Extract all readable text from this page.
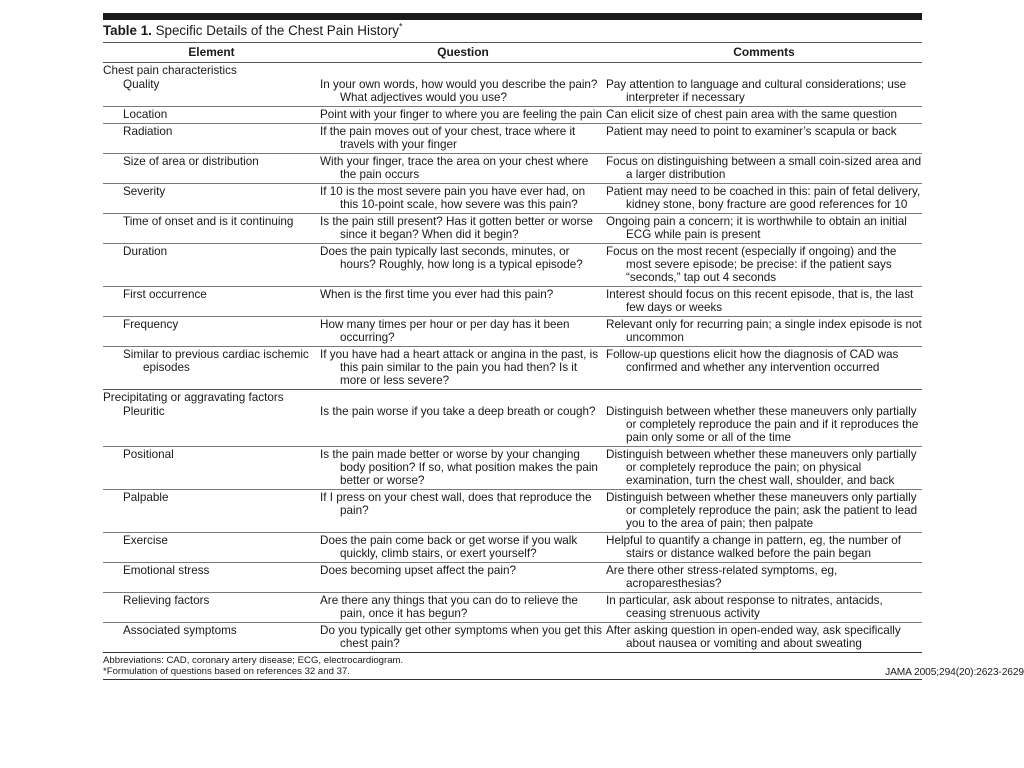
Table 1. Specific Details of the Chest Pain History*
Element	Question	Comments
Chest pain characteristics		

Quality	In your own words, how would you describe the pain? What adjectives would you use?	Pay attention to language and cultural considerations; use interpreter if necessary

Location	Point with your finger to where you are feeling the pain	Can elicit size of chest pain area with the same question

Radiation	If the pain moves out of your chest, trace where it travels with your finger	Patient may need to point to examiner’s scapula or back

Size of area or distribution	With your finger, trace the area on your chest where the pain occurs	Focus on distinguishing between a small coin-sized area and a larger distribution

Severity	If 10 is the most severe pain you have ever had, on this 10-point scale, how severe was this pain?	Patient may need to be coached in this: pain of fetal delivery, kidney stone, bony fracture are good references for 10

Time of onset and is it continuing	Is the pain still present? Has it gotten better or worse since it began? When did it begin?	Ongoing pain a concern; it is worthwhile to obtain an initial ECG while pain is present

Duration	Does the pain typically last seconds, minutes, or hours? Roughly, how long is a typical episode?	Focus on the most recent (especially if ongoing) and the most severe episode; be precise: if the patient says “seconds,” tap out 4 seconds

First occurrence	When is the first time you ever had this pain?	Interest should focus on this recent episode, that is, the last few days or weeks

Frequency	How many times per hour or per day has it been occurring?	Relevant only for recurring pain; a single index episode is not uncommon

Similar to previous cardiac ischemic episodes	If you have had a heart attack or angina in the past, is this pain similar to the pain you had then? Is it more or less severe?	Follow-up questions elicit how the diagnosis of CAD was confirmed and whether any intervention occurred

Precipitating or aggravating factors		

Pleuritic	Is the pain worse if you take a deep breath or cough?	Distinguish between whether these maneuvers only partially or completely reproduce the pain and if it reproduces the pain only some or all of the time

Positional	Is the pain made better or worse by your changing body position? If so, what position makes the pain better or worse?	Distinguish between whether these maneuvers only partially or completely reproduce the pain; on physical examination, turn the chest wall, shoulder, and back

Palpable	If I press on your chest wall, does that reproduce the pain?	Distinguish between whether these maneuvers only partially or completely reproduce the pain; ask the patient to lead you to the area of pain; then palpate

Exercise	Does the pain come back or get worse if you walk quickly, climb stairs, or exert yourself?	Helpful to quantify a change in pattern, eg, the number of stairs or distance walked before the pain began

Emotional stress	Does becoming upset affect the pain?	Are there other stress-related symptoms, eg, acroparesthesias?

Relieving factors	Are there any things that you can do to relieve the pain, once it has begun?	In particular, ask about response to nitrates, antacids, ceasing strenuous activity

Associated symptoms	Do you typically get other symptoms when you get this chest pain?	After asking question in open-ended way, ask specifically about nausea or vomiting and about sweating
Abbreviations: CAD, coronary artery disease; ECG, electrocardiogram.
*Formulation of questions based on references 32 and 37.	JAMA 2005;294(20):2623-2629
